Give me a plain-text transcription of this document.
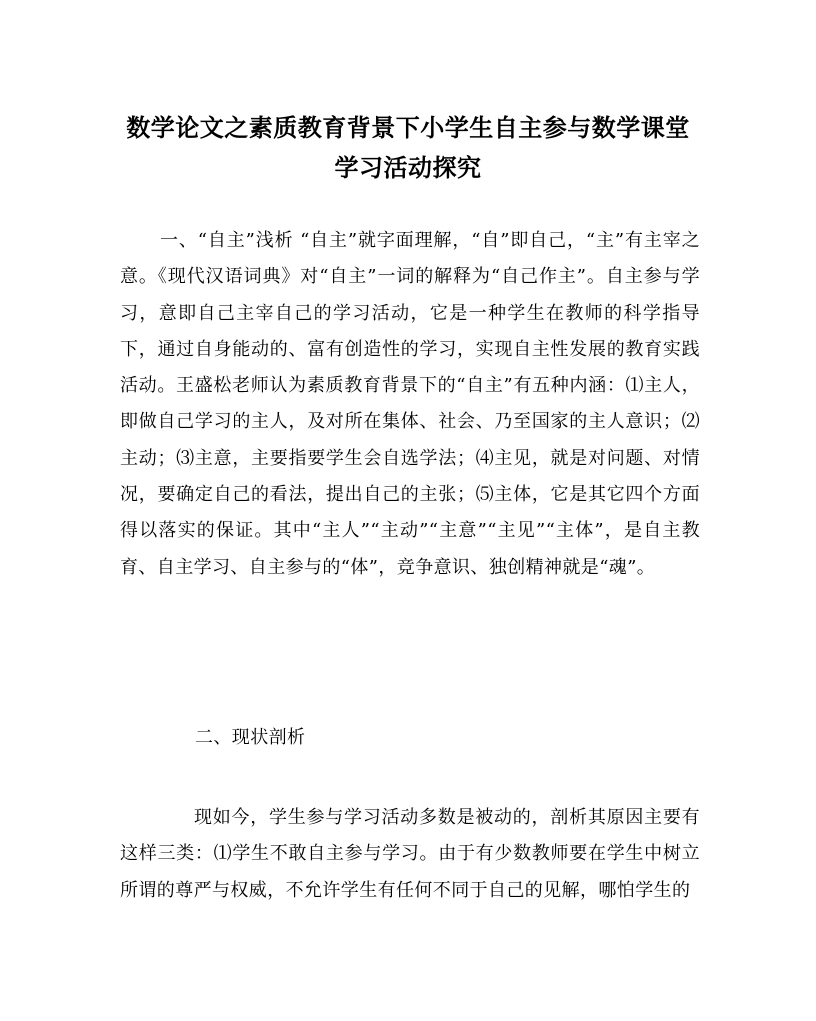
数学论文之素质教育背景下小学生自主参与数学课堂
学习活动探究
一、“自主”浅析 “自主”就字面理解，“自”即自己，“主”有主宰之意。《现代汉语词典》对“自主”一词的解释为“自己作主”。自主参与学习，意即自己主宰自己的学习活动，它是一种学生在教师的科学指导下，通过自身能动的、富有创造性的学习，实现自主性发展的教育实践活动。王盛松老师认为素质教育背景下的“自主”有五种内涵：⑴主人，即做自己学习的主人，及对所在集体、社会、乃至国家的主人意识；⑵主动；⑶主意，主要指要学生会自选学法；⑷主见，就是对问题、对情况，要确定自己的看法，提出自己的主张；⑸主体，它是其它四个方面得以落实的保证。其中“主人”“主动”“主意”“主见”“主体”，是自主教育、自主学习、自主参与的“体”，竞争意识、独创精神就是“魂”。
二、现状剖析
现如今，学生参与学习活动多数是被动的，剖析其原因主要有这样三类：⑴学生不敢自主参与学习。由于有少数教师要在学生中树立所谓的尊严与权威，不允许学生有任何不同于自己的见解，哪怕学生的
